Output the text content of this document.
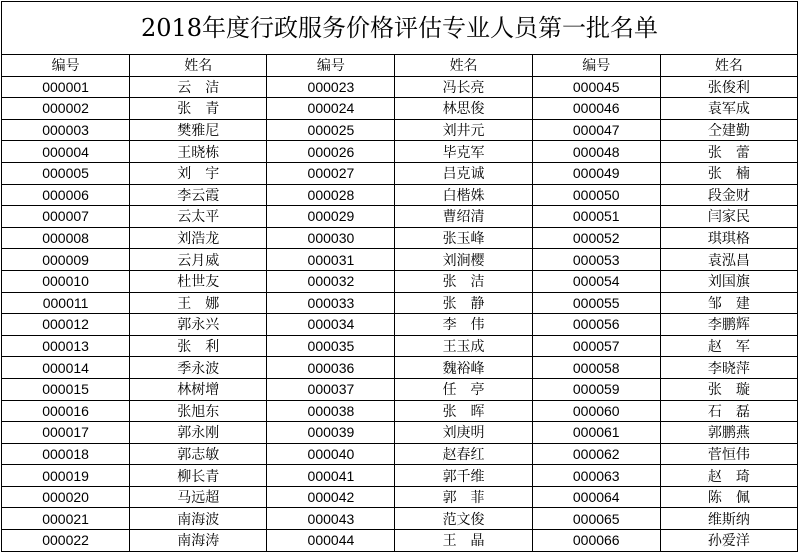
2018年度行政服务价格评估专业人员第一批名单
编号	姓名	编号	姓名	编号	姓名
000001	云　洁	000023	冯长亮	000045	张俊利
000002	张　青	000024	林思俊	000046	袁军成
000003	樊雅尼	000025	刘井元	000047	仝建勤
000004	王晓栋	000026	毕克军	000048	张　蕾
000005	刘　宇	000027	吕克诚	000049	张　楠
000006	李云霞	000028	白楷姝	000050	段金财
000007	云太平	000029	曹绍清	000051	闫家民
000008	刘浩龙	000030	张玉峰	000052	琪琪格
000009	云月威	000031	刘涧樱	000053	袁泓昌
000010	杜世友	000032	张　洁	000054	刘国旗
000011	王　娜	000033	张　静	000055	邹　建
000012	郭永兴	000034	李　伟	000056	李鹏辉
000013	张　利	000035	王玉成	000057	赵　军
000014	季永波	000036	魏裕峰	000058	李晓萍
000015	林树增	000037	任　亭	000059	张　璇
000016	张旭东	000038	张　晖	000060	石　磊
000017	郭永刚	000039	刘庚明	000061	郭鹏燕
000018	郭志敏	000040	赵春红	000062	菅恒伟
000019	柳长青	000041	郭千维	000063	赵　琦
000020	马远超	000042	郭　菲	000064	陈　佩
000021	南海波	000043	范文俊	000065	维斯纳
000022	南海涛	000044	王　晶	000066	孙爱洋
